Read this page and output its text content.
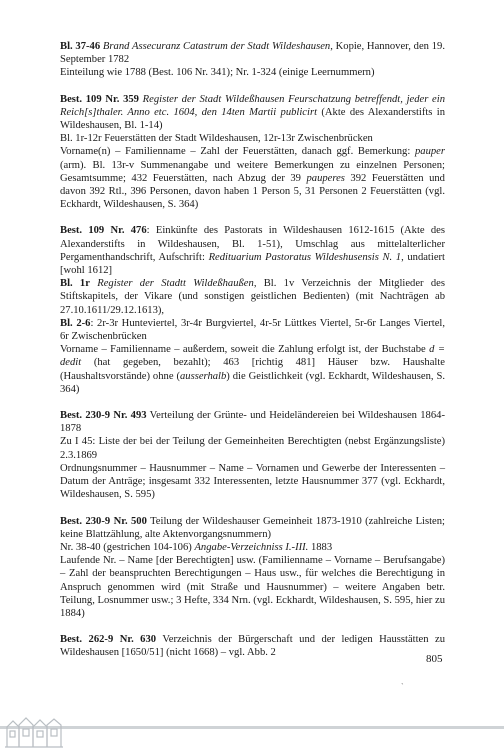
Bl. 37-46 Brand Assecuranz Catastrum der Stadt Wildeshausen, Kopie, Hannover, den 19. September 1782

Einteilung wie 1788 (Best. 106 Nr. 341); Nr. 1-324 (einige Leernummern)

Best. 109 Nr. 359 Register der Stadt Wildeßhausen Feurschatzung betreffendt, jeder ein Reich[s]thaler. Anno etc. 1604, den 14ten Martii publicirt (Akte des Alexanderstifts in Wildeshausen, Bl. 1-14)

Bl. 1r-12r Feuerstätten der Stadt Wildeshausen, 12r-13r Zwischenbrücken

Vorname(n) – Familienname – Zahl der Feuerstätten, danach ggf. Bemerkung: pauper (arm). Bl. 13r-v Summenangabe und weitere Bemerkungen zu einzelnen Personen; Gesamtsumme; 432 Feuerstätten, nach Abzug der 39 pauperes 392 Feuerstätten und davon 392 Rtl., 396 Personen, davon haben 1 Person 5, 31 Personen 2 Feuerstätten (vgl. Eckhardt, Wildeshausen, S. 364)

Best. 109 Nr. 476: Einkünfte des Pastorats in Wildeshausen 1612-1615 (Akte des Alexanderstifts in Wildeshausen, Bl. 1-51), Umschlag aus mittelalterlicher Pergamenthandschrift, Aufschrift: Redituarium Pastoratus Wildeshusensis N. 1, undatiert [wohl 1612]

Bl. 1r Register der Stadtt Wildeßhaußen, Bl. 1v Verzeichnis der Mitglieder des Stiftskapitels, der Vikare (und sonstigen geistlichen Bedienten) (mit Nachträgen ab 27.10.1611/29.12.1613),

Bl. 2-6: 2r-3r Hunteviertel, 3r-4r Burgviertel, 4r-5r Lüttkes Viertel, 5r-6r Langes Viertel, 6r Zwischenbrücken

Vorname – Familienname – außerdem, soweit die Zahlung erfolgt ist, der Buchstabe d = dedit (hat gegeben, bezahlt); 463 [richtig 481] Häuser bzw. Haushalte (Haushaltsvorstände) ohne (ausserhalb) die Geistlichkeit (vgl. Eckhardt, Wildeshausen, S. 364)

Best. 230-9 Nr. 493 Verteilung der Grünte- und Heideländereien bei Wildeshausen 1864-1878

Zu I 45: Liste der bei der Teilung der Gemeinheiten Berechtigten (nebst Ergänzungsliste) 2.3.1869

Ordnungsnummer – Hausnummer – Name – Vornamen und Gewerbe der Interessenten – Datum der Anträge; insgesamt 332 Interessenten, letzte Hausnummer 377 (vgl. Eckhardt, Wildeshausen, S. 595)

Best. 230-9 Nr. 500 Teilung der Wildeshauser Gemeinheit 1873-1910 (zahlreiche Listen; keine Blattzählung, alte Aktenvorgangsnummern)

Nr. 38-40 (gestrichen 104-106) Angabe-Verzeichniss I.-III. 1883

Laufende Nr. – Name [der Berechtigten] usw. (Familienname – Vorname – Berufsangabe) – Zahl der beanspruchten Berechtigungen – Haus usw., für welches die Berechtigung in Anspruch genommen wird (mit Straße und Hausnummer) – weitere Angaben betr. Teilung, Losnummer usw.; 3 Hefte, 334 Nrn. (vgl. Eckhardt, Wildeshausen, S. 595, hier zu 1884)

Best. 262-9 Nr. 630 Verzeichnis der Bürgerschaft und der ledigen Hausstätten zu Wildeshausen [1650/51] (nicht 1668) – vgl. Abb. 2

805
ˋ
